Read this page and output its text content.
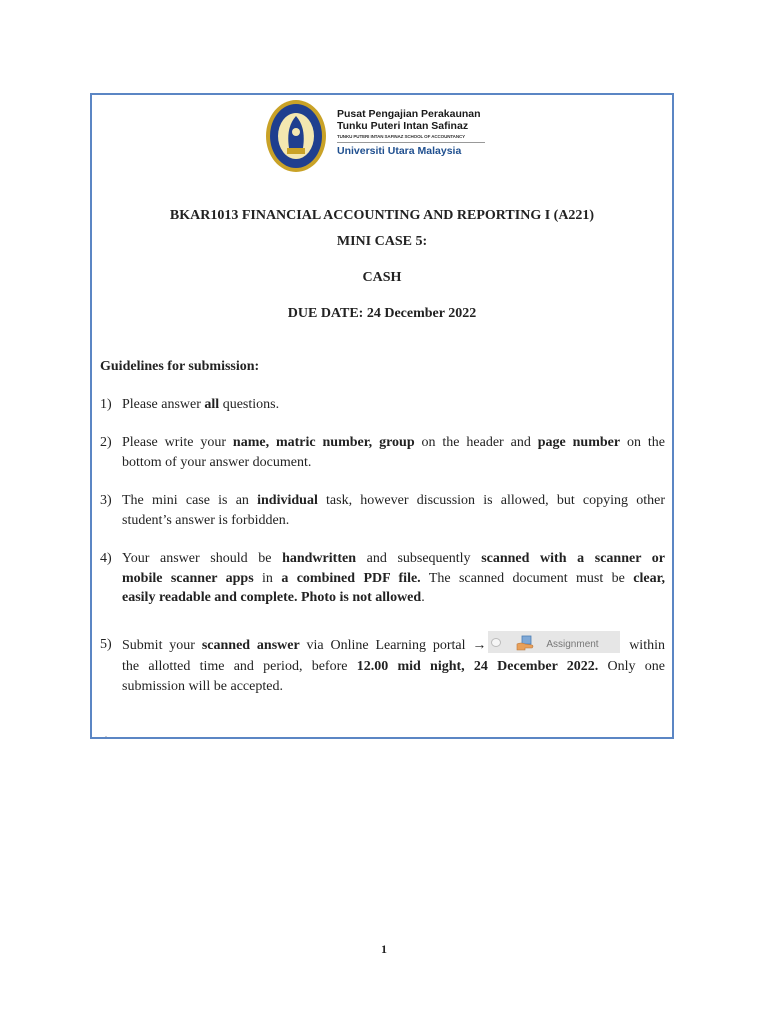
Pusat Pengajian Perakaunan
Tunku Puteri Intan Safinaz
TUNKU PUTERI INTAN SAFINAZ SCHOOL OF ACCOUNTANCY
Universiti Utara Malaysia
BKAR1013 FINANCIAL ACCOUNTING AND REPORTING I (A221)
MINI CASE 5:
CASH
DUE DATE: 24 December 2022
Guidelines for submission:
1) Please answer all questions.
2) Please write your name, matric number, group on the header and page number on the
bottom of your answer document.
3) The mini case is an individual task, however discussion is allowed, but copying other
student’s answer is forbidden.
4) Your answer should be handwritten and subsequently scanned with a scanner or
mobile scanner apps in a combined PDF file. The scanned document must be clear,
easily readable and complete. Photo is not allowed.
5) Submit your scanned answer via Online Learning portal →	Assignment within
the allotted time and period, before 12.00 mid night, 24 December 2022. Only one
submission will be accepted.
.
1
